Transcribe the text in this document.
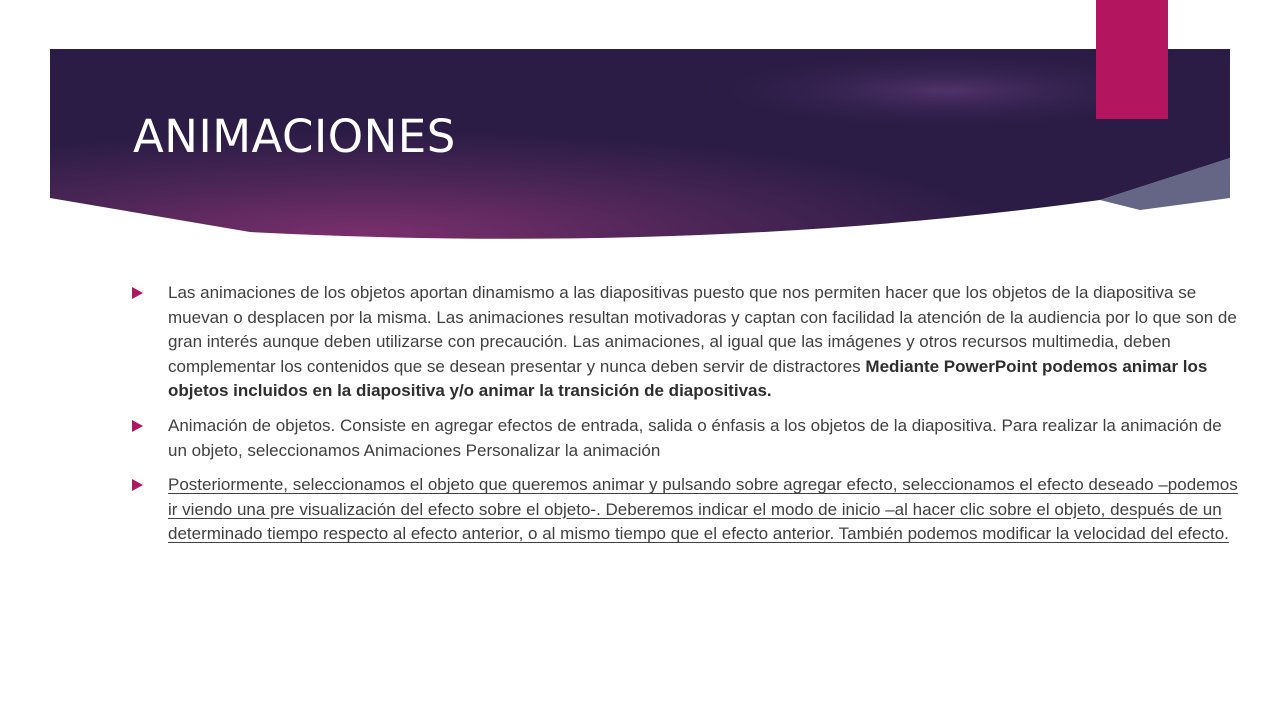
ANIMACIONES
Las animaciones de los objetos aportan dinamismo a las diapositivas puesto que nos permiten hacer que los objetos de la diapositiva se muevan o desplacen por la misma. Las animaciones resultan motivadoras y captan con facilidad la atención de la audiencia por lo que son de gran interés aunque deben utilizarse con precaución. Las animaciones, al igual que las imágenes y otros recursos multimedia, deben complementar los contenidos que se desean presentar y nunca deben servir de distractores Mediante PowerPoint podemos animar los objetos incluidos en la diapositiva y/o animar la transición de diapositivas.
Animación de objetos. Consiste en agregar efectos de entrada, salida o énfasis a los objetos de la diapositiva. Para realizar la animación de un objeto, seleccionamos Animaciones Personalizar la animación
Posteriormente, seleccionamos el objeto que queremos animar y pulsando sobre agregar efecto, seleccionamos el efecto deseado –podemos ir viendo una pre visualización del efecto sobre el objeto-. Deberemos indicar el modo de inicio –al hacer clic sobre el objeto, después de un determinado tiempo respecto al efecto anterior, o al mismo tiempo que el efecto anterior. También podemos modificar la velocidad del efecto.
